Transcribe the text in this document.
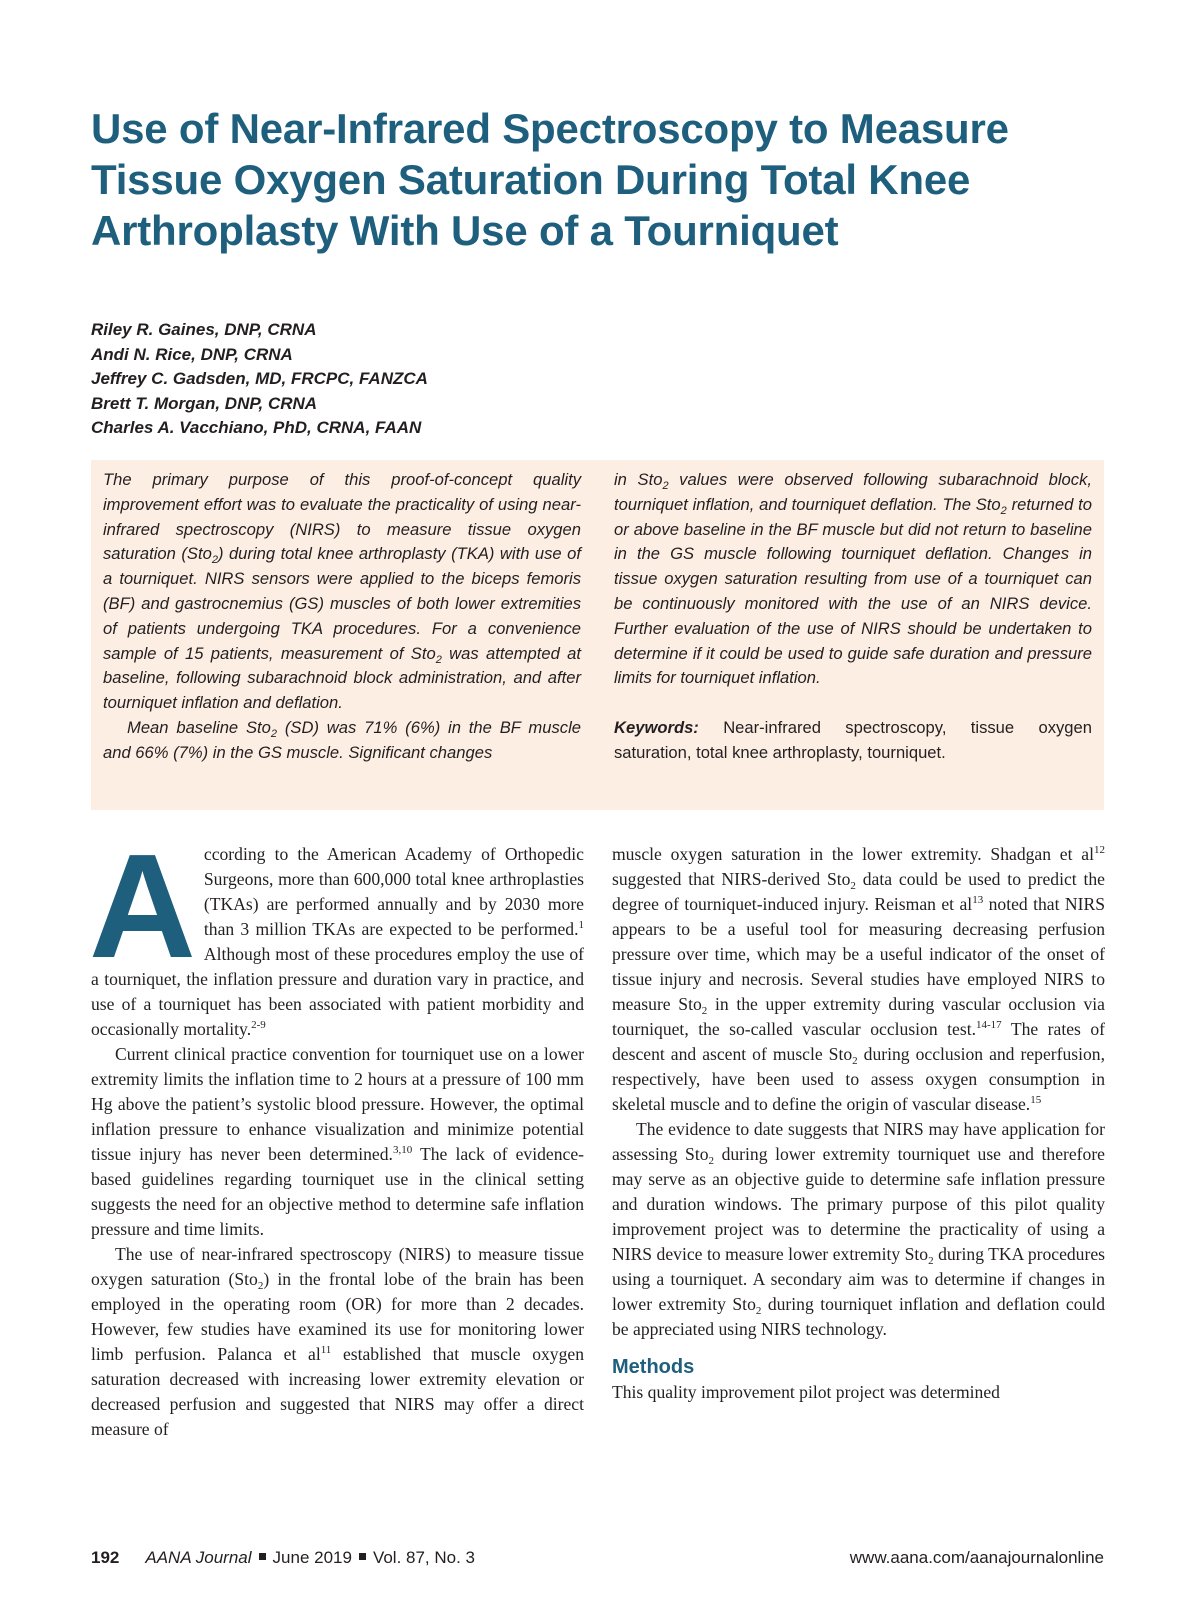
Use of Near-Infrared Spectroscopy to Measure
Tissue Oxygen Saturation During Total Knee
Arthroplasty With Use of a Tourniquet
Riley R. Gaines, DNP, CRNA
Andi N. Rice, DNP, CRNA
Jeffrey C. Gadsden, MD, FRCPC, FANZCA
Brett T. Morgan, DNP, CRNA
Charles A. Vacchiano, PhD, CRNA, FAAN

The primary purpose of this proof-of-concept quality improvement effort was to evaluate the practicality of using near-infrared spectroscopy (NIRS) to measure tissue oxygen saturation (Sto$_2$) during total knee arthroplasty (TKA) with use of a tourniquet. NIRS sensors were applied to the biceps femoris (BF) and gastrocnemius (GS) muscles of both lower extremities of patients undergoing TKA procedures. For a convenience sample of 15 patients, measurement of Sto$_2$ was attempted at baseline, following subarachnoid block administration, and after tourniquet inflation and deflation.

Mean baseline Sto$_2$ (SD) was 71% (6%) in the BF muscle and 66% (7%) in the GS muscle. Significant changes

in Sto$_2$ values were observed following subarachnoid block, tourniquet inflation, and tourniquet deflation. The Sto$_2$ returned to or above baseline in the BF muscle but did not return to baseline in the GS muscle following tourniquet deflation. Changes in tissue oxygen saturation resulting from use of a tourniquet can be continuously monitored with the use of an NIRS device. Further evaluation of the use of NIRS should be undertaken to determine if it could be used to guide safe duration and pressure limits for tourniquet inflation.

Keywords: Near-infrared spectroscopy, tissue oxygen saturation, total knee arthroplasty, tourniquet.

According to the American Academy of Orthopedic Surgeons, more than 600,000 total knee arthroplasties (TKAs) are performed annually and by 2030 more than 3 million TKAs are expected to be performed.$^1$ Although most of these procedures employ the use of a tourniquet, the inflation pressure and duration vary in practice, and use of a tourniquet has been associated with patient morbidity and occasionally mortality.$^{2-9}$

Current clinical practice convention for tourniquet use on a lower extremity limits the inflation time to 2 hours at a pressure of 100 mm Hg above the patient’s systolic blood pressure. However, the optimal inflation pressure to enhance visualization and minimize potential tissue injury has never been determined.$^{3,10}$ The lack of evidence-based guidelines regarding tourniquet use in the clinical setting suggests the need for an objective method to determine safe inflation pressure and time limits.

The use of near-infrared spectroscopy (NIRS) to measure tissue oxygen saturation (Sto$_2$) in the frontal lobe of the brain has been employed in the operating room (OR) for more than 2 decades. However, few studies have examined its use for monitoring lower limb perfusion. Palanca et $al^{11}$ established that muscle oxygen saturation decreased with increasing lower extremity elevation or decreased perfusion and suggested that NIRS may offer a direct measure of

muscle oxygen saturation in the lower extremity. Shadgan et $al^{12}$ suggested that NIRS-derived Sto$_2$ data could be used to predict the degree of tourniquet-induced injury. Reisman et $al^{13}$ noted that NIRS appears to be a useful tool for measuring decreasing perfusion pressure over time, which may be a useful indicator of the onset of tissue injury and necrosis. Several studies have employed NIRS to measure Sto$_2$ in the upper extremity during vascular occlusion via tourniquet, the so-called vascular occlusion test.$^{14-17}$ The rates of descent and ascent of muscle Sto$_2$ during occlusion and reperfusion, respectively, have been used to assess oxygen consumption in skeletal muscle and to define the origin of vascular disease.$^{15}$

The evidence to date suggests that NIRS may have application for assessing Sto$_2$ during lower extremity tourniquet use and therefore may serve as an objective guide to determine safe inflation pressure and duration windows. The primary purpose of this pilot quality improvement project was to determine the practicality of using a NIRS device to measure lower extremity Sto$_2$ during TKA procedures using a tourniquet. A secondary aim was to determine if changes in lower extremity Sto$_2$ during tourniquet inflation and deflation could be appreciated using NIRS technology.

Methods

This quality improvement pilot project was determined

192 AANA Journal June 2019 Vol. 87, No. 3	www.aana.com/aanajournalonline
